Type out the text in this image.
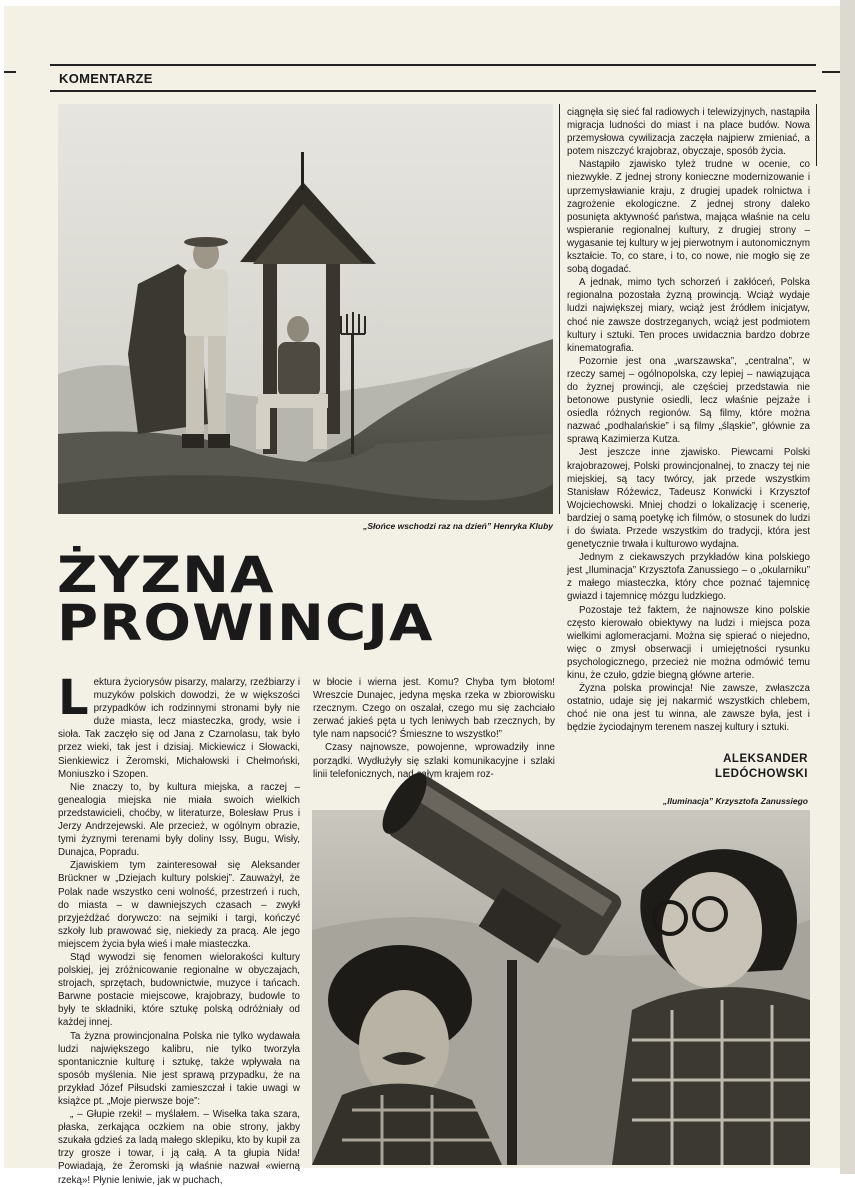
KOMENTARZE
„Słońce wschodzi raz na dzień” Henryka Kluby
ŻYZNA
PROWINCJA
L ektura życiorysów pisarzy, malarzy, rzeźbiarzy i muzyków polskich dowodzi, że w większości przypadków ich rodzinnymi stronami były nie duże miasta, lecz miasteczka, grody, wsie i sioła. Tak zaczęło się od Jana z Czarnolasu, tak było przez wieki, tak jest i dzisiaj. Mickiewicz i Słowacki, Sienkiewicz i Żeromski, Michałowski i Chełmoński, Moniuszko i Szopen.

Nie znaczy to, by kultura miejska, a raczej – genealogia miejska nie miała swoich wielkich przedstawicieli, choćby, w literaturze, Bolesław Prus i Jerzy Andrzejewski. Ale przecież, w ogólnym obrazie, tymi żyznymi terenami były doliny Issy, Bugu, Wisły, Dunajca, Popradu.

Zjawiskiem tym zainteresował się Aleksander Brückner w „Dziejach kultury polskiej”. Zauważył, że Polak nade wszystko ceni wolność, przestrzeń i ruch, do miasta – w dawniejszych czasach – zwykł przyjeżdżać dorywczo: na sejmiki i targi, kończyć szkoły lub prawować się, niekiedy za pracą. Ale jego miejscem życia była wieś i małe miasteczka.

Stąd wywodzi się fenomen wielorakości kultury polskiej, jej zróżnicowanie regionalne w obyczajach, strojach, sprzętach, budownictwie, muzyce i tańcach. Barwne postacie miejscowe, krajobrazy, budowle to były te składniki, które sztukę polską odróżniały od każdej innej.

Ta żyzna prowincjonalna Polska nie tylko wydawała ludzi największego kalibru, nie tylko tworzyła spontanicznie kulturę i sztukę, także wpływała na sposób myślenia. Nie jest sprawą przypadku, że na przykład Józef Piłsudski zamieszczał i takie uwagi w książce pt. „Moje pierwsze boje”:

„ – Głupie rzeki! – myślałem. – Wisełka taka szara, płaska, zerkająca oczkiem na obie strony, jakby szukała gdzieś za ladą małego sklepiku, kto by kupił za trzy grosze i towar, i ją całą. A ta głupia Nida! Powiadają, że Żeromski ją właśnie nazwał «wierną rzeką»! Płynie leniwie, jak w puchach,

w błocie i wierna jest. Komu? Chyba tym błotom! Wreszcie Dunajec, jedyna męska rzeka w zbiorowisku rzecznym. Czego on oszalał, czego mu się zachciało zerwać jakieś pęta u tych leniwych bab rzecznych, by tyle nam napsocić? Śmieszne to wszystko!”

Czasy najnowsze, powojenne, wprowadziły inne porządki. Wydłużyły się szlaki komunikacyjne i szlaki linii telefonicznych, nad całym krajem roz-

ciągnęła się sieć fal radiowych i telewizyjnych, nastąpiła migracja ludności do miast i na place budów. Nowa przemysłowa cywilizacja zaczęła najpierw zmieniać, a potem niszczyć krajobraz, obyczaje, sposób życia.

Nastąpiło zjawisko tyleż trudne w ocenie, co niezwykłe. Z jednej strony konieczne modernizowanie i uprzemysławianie kraju, z drugiej upadek rolnictwa i zagrożenie ekologiczne. Z jednej strony daleko posunięta aktywność państwa, mająca właśnie na celu wspieranie regionalnej kultury, z drugiej strony – wygasanie tej kultury w jej pierwotnym i autonomicznym kształcie. To, co stare, i to, co nowe, nie mogło się ze sobą dogadać.

A jednak, mimo tych schorzeń i zakłóceń, Polska regionalna pozostała żyzną prowincją. Wciąż wydaje ludzi największej miary, wciąż jest źródłem inicjatyw, choć nie zawsze dostrzeganych, wciąż jest podmiotem kultury i sztuki. Ten proces uwidacznia bardzo dobrze kinematografia.

Pozornie jest ona „warszawska”, „centralna”, w rzeczy samej – ogólnopolska, czy lepiej – nawiązująca do żyznej prowincji, ale częściej przedstawia nie betonowe pustynie osiedli, lecz właśnie pejzaże i osiedla różnych regionów. Są filmy, które można nazwać „podhalańskie” i są filmy „śląskie”, głównie za sprawą Kazimierza Kutza.

Jest jeszcze inne zjawisko. Piewcami Polski krajobrazowej, Polski prowincjonalnej, to znaczy tej nie miejskiej, są tacy twórcy, jak przede wszystkim Stanisław Różewicz, Tadeusz Konwicki i Krzysztof Wojciechowski. Mniej chodzi o lokalizację i scenerię, bardziej o samą poetykę ich filmów, o stosunek do ludzi i do świata. Przede wszystkim do tradycji, która jest genetycznie trwała i kulturowo wydajna.

Jednym z ciekawszych przykładów kina polskiego jest „Iluminacja” Krzysztofa Zanussiego – o „okularniku” z małego miasteczka, który chce poznać tajemnicę gwiazd i tajemnicę mózgu ludzkiego.

Pozostaje też faktem, że najnowsze kino polskie często kierowało obiektywy na ludzi i miejsca poza wielkimi aglomeracjami. Można się spierać o niejedno, więc o zmysł obserwacji i umiejętności rysunku psychologicznego, przecież nie można odmówić temu kinu, że czuło, gdzie biegną główne arterie.

Żyzna polska prowincja! Nie zawsze, zwłaszcza ostatnio, udaje się jej nakarmić wszystkich chlebem, choć nie ona jest tu winna, ale zawsze była, jest i będzie życiodajnym terenem naszej kultury i sztuki.

ALEKSANDER
LEDÓCHOWSKI
„Iluminacja” Krzysztofa Zanussiego
